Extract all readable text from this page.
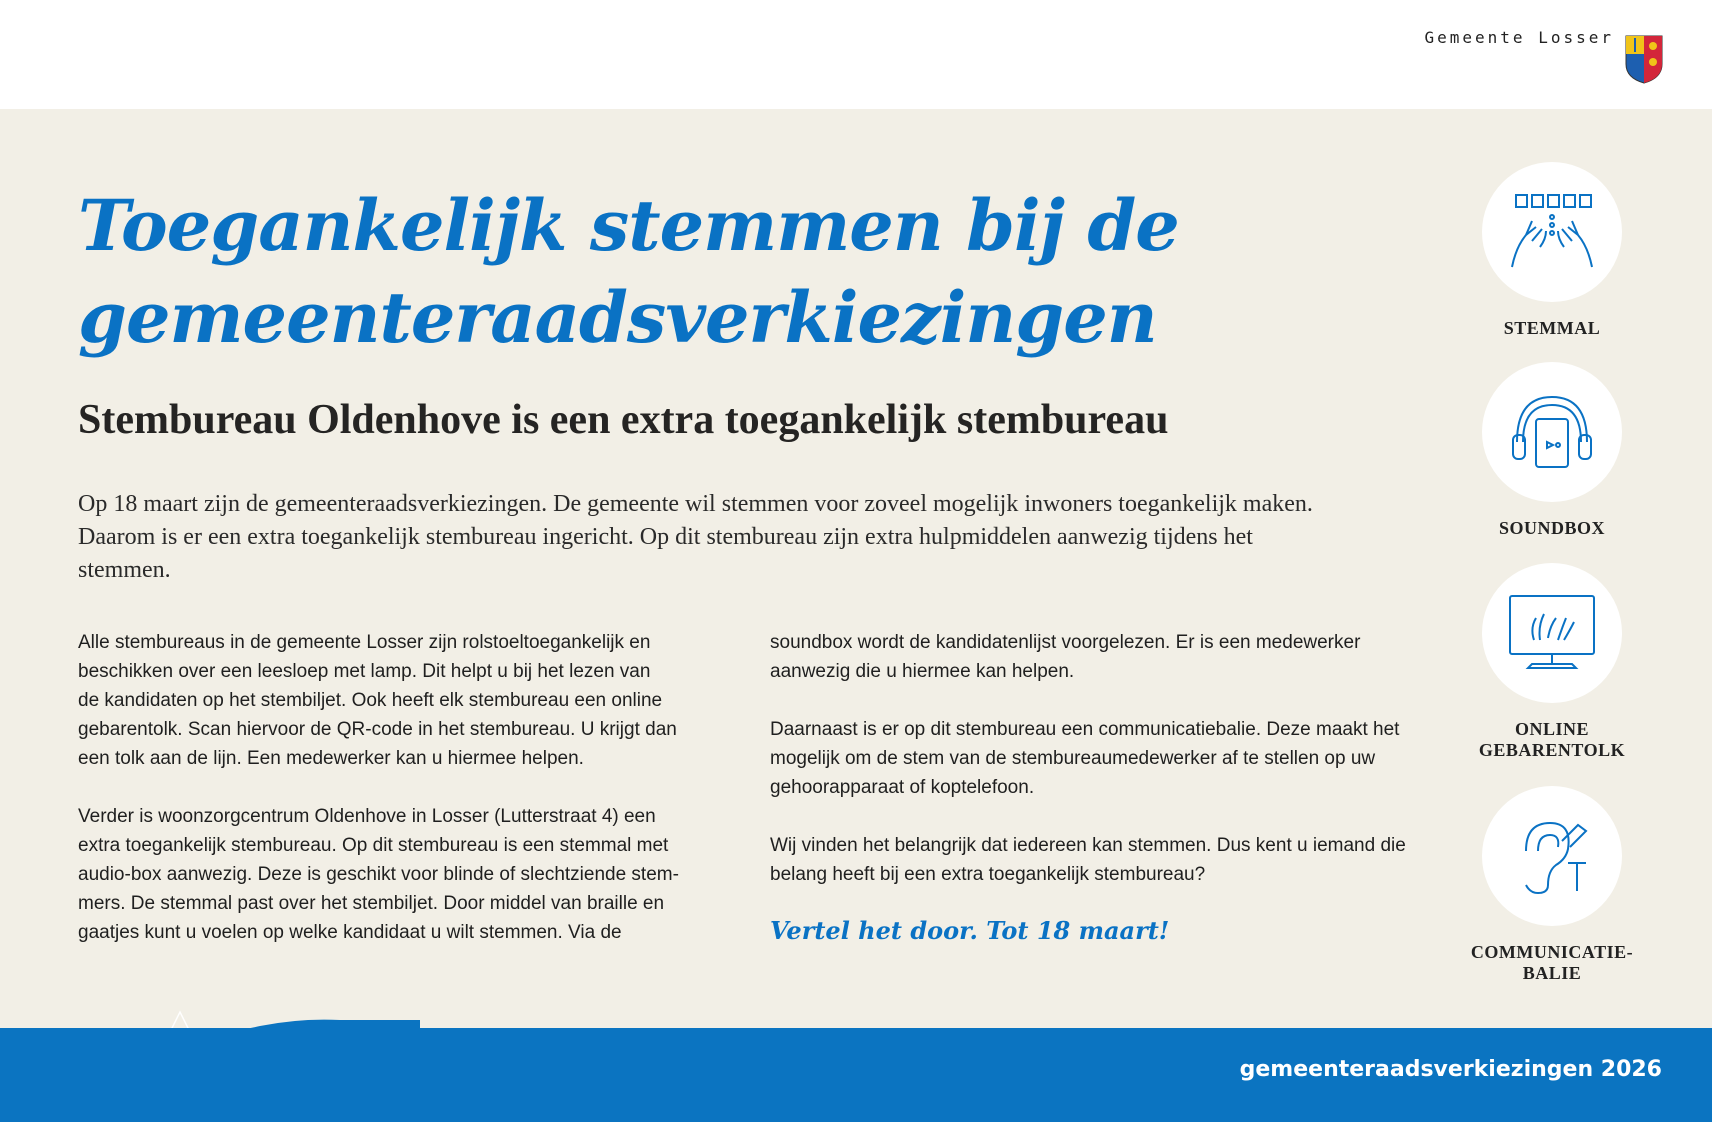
Gemeente Losser
Toegankelijk stemmen bij de
gemeenteraadsverkiezingen
Stembureau Oldenhove is een extra toegankelijk stembureau

Op 18 maart zijn de gemeenteraadsverkiezingen. De gemeente wil stemmen voor zoveel mogelijk inwoners toegankelijk maken. Daarom is er een extra toegankelijk stembureau ingericht. Op dit stembureau zijn extra hulpmiddelen aanwezig tijdens het stemmen.

Alle stembureaus in de gemeente Losser zijn rolstoeltoegankelijk en
beschikken over een leesloep met lamp. Dit helpt u bij het lezen van
de kandidaten op het stembiljet. Ook heeft elk stembureau een online
gebarentolk. Scan hiervoor de QR-code in het stembureau. U krijgt dan
een tolk aan de lijn. Een medewerker kan u hiermee helpen.

Verder is woonzorgcentrum Oldenhove in Losser (Lutterstraat 4) een
extra toegankelijk stembureau. Op dit stembureau is een stemmal met
audio-box aanwezig. Deze is geschikt voor blinde of slechtziende stem-
mers. De stemmal past over het stembiljet. Door middel van braille en
gaatjes kunt u voelen op welke kandidaat u wilt stemmen. Via de

soundbox wordt de kandidatenlijst voorgelezen. Er is een medewerker aanwezig die u hiermee kan helpen.

Daarnaast is er op dit stembureau een communicatiebalie. Deze maakt het mogelijk om de stem van de stembureaumedewerker af te stellen op uw gehoorapparaat of koptelefoon.

Wij vinden het belangrijk dat iedereen kan stemmen. Dus kent u iemand die belang heeft bij een extra toegankelijk stembureau?

Vertel het door. Tot 18 maart!
STEMMAL
SOUNDBOX
ONLINE
GEBARENTOLK
COMMUNICATIE-
BALIE
gemeenteraadsverkiezingen 2026
